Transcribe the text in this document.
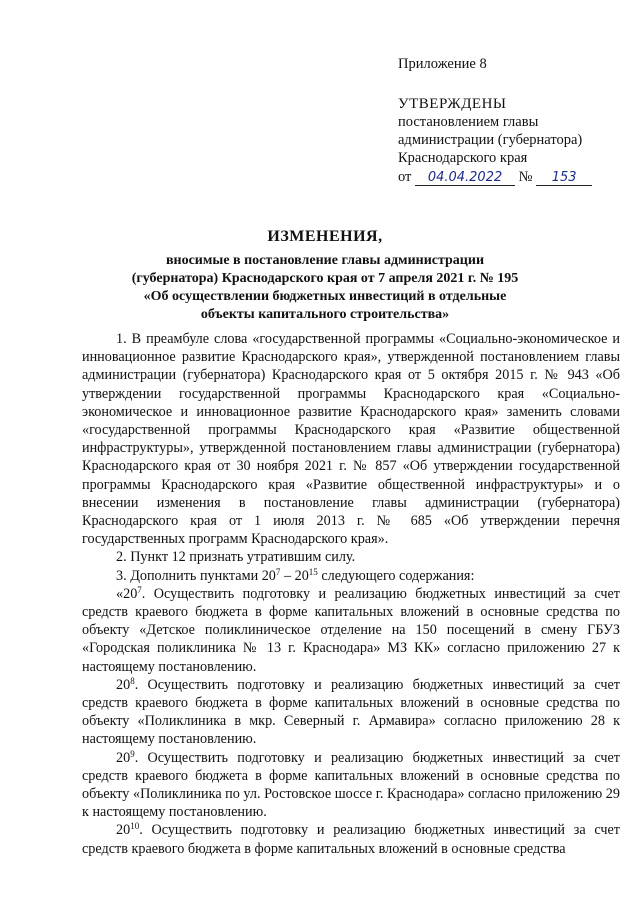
Приложение 8
УТВЕРЖДЕНЫ
постановлением главы
администрации (губернатора)
Краснодарского края
от 04.04.2022 № 153
ИЗМЕНЕНИЯ,
вносимые в постановление главы администрации
(губернатора) Краснодарского края от 7 апреля 2021 г. № 195
«Об осуществлении бюджетных инвестиций в отдельные
объекты капитального строительства»

1. В преамбуле слова «государственной программы «Социально-экономическое и инновационное развитие Краснодарского края», утвержденной постановлением главы администрации (губернатора) Краснодарского края от 5 октября 2015 г. № 943 «Об утверждении государственной программы Краснодарского края «Социально-экономическое и инновационное развитие Краснодарского края» заменить словами «государственной программы Краснодарского края «Развитие общественной инфраструктуры», утвержденной постановлением главы администрации (губернатора) Краснодарского края от 30 ноября 2021 г. № 857 «Об утверждении государственной программы Краснодарского края «Развитие общественной инфраструктуры» и о внесении изменения в постановление главы администрации (губернатора) Краснодарского края от 1 июля 2013 г. № 685 «Об утверждении перечня государственных программ Краснодарского края».

2. Пункт 12 признать утратившим силу.

3. Дополнить пунктами $20^7 - 20^{15}$ следующего содержания:

«$20^7$. Осуществить подготовку и реализацию бюджетных инвестиций за счет средств краевого бюджета в форме капитальных вложений в основные средства по объекту «Детское поликлиническое отделение на 150 посещений в смену ГБУЗ «Городская поликлиника № 13 г. Краснодара» МЗ КК» согласно приложению 27 к настоящему постановлению.

$20^8$. Осуществить подготовку и реализацию бюджетных инвестиций за счет средств краевого бюджета в форме капитальных вложений в основные средства по объекту «Поликлиника в мкр. Северный г. Армавира» согласно приложению 28 к настоящему постановлению.

$20^9$. Осуществить подготовку и реализацию бюджетных инвестиций за счет средств краевого бюджета в форме капитальных вложений в основные средства по объекту «Поликлиника по ул. Ростовское шоссе г. Краснодара» согласно приложению 29 к настоящему постановлению.

$20^{10}$. Осуществить подготовку и реализацию бюджетных инвестиций за счет средств краевого бюджета в форме капитальных вложений в основные средства
